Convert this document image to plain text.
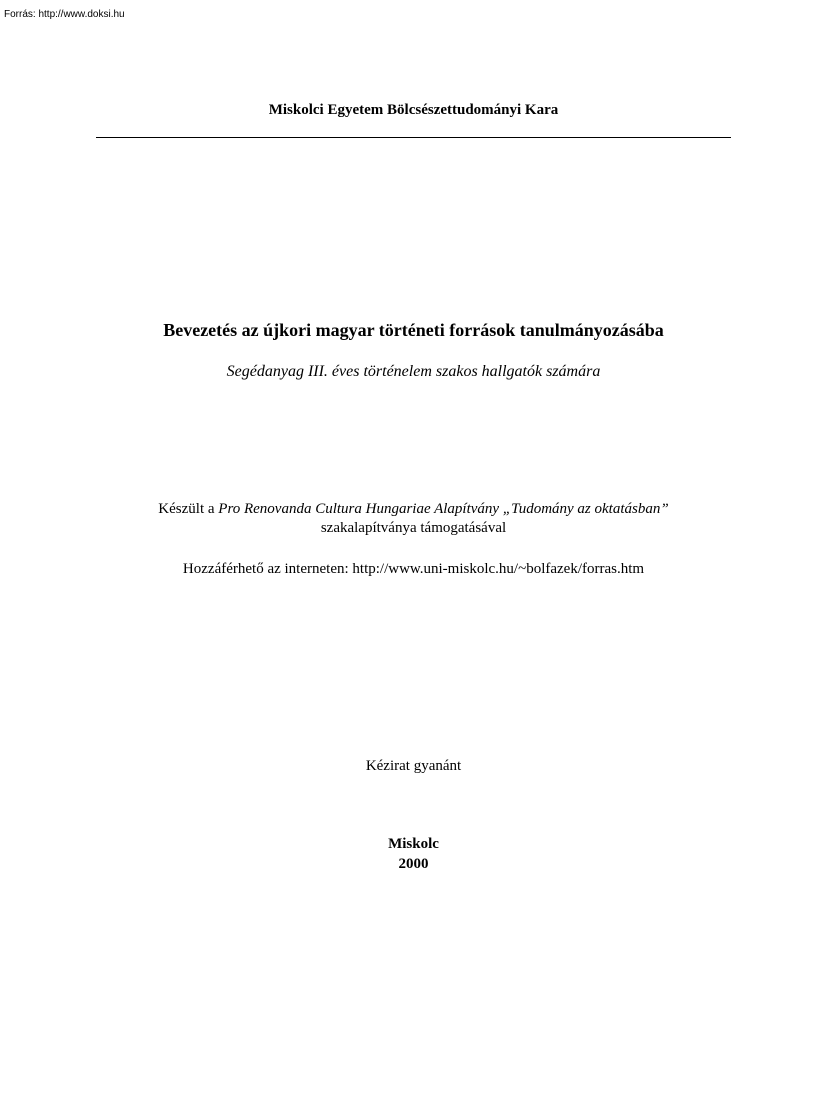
Forrás: http://www.doksi.hu
Miskolci Egyetem Bölcsészettudományi Kara
Bevezetés az újkori magyar történeti források tanulmányozásába
Segédanyag III. éves történelem szakos hallgatók számára
Készült a Pro Renovanda Cultura Hungariae Alapítvány „Tudomány az oktatásban”
szakalapítványa támogatásával
Hozzáférhető az interneten: http://www.uni-miskolc.hu/~bolfazek/forras.htm
Kézirat gyanánt
Miskolc
2000
